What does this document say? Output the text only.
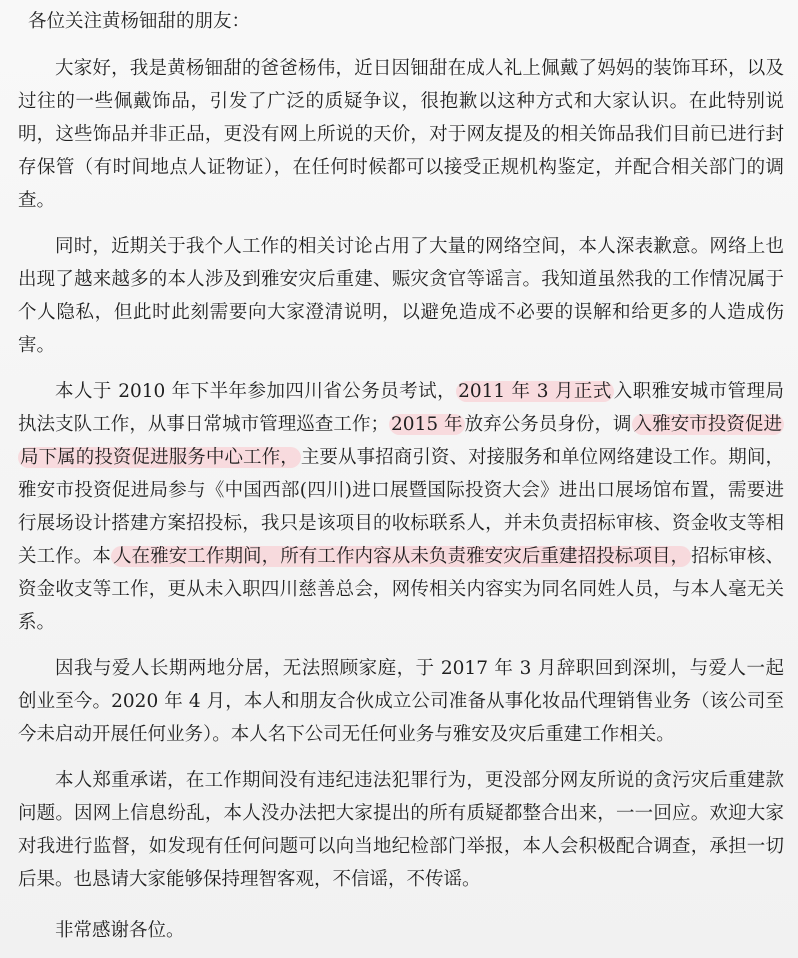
各位关注黄杨钿甜的朋友：
大家好，我是黄杨钿甜的爸爸杨伟，近日因钿甜在成人礼上佩戴了妈妈的装饰耳环，以及过往的一些佩戴饰品，引发了广泛的质疑争议，很抱歉以这种方式和大家认识。在此特别说明，这些饰品并非正品，更没有网上所说的天价，对于网友提及的相关饰品我们目前已进行封存保管（有时间地点人证物证），在任何时候都可以接受正规机构鉴定，并配合相关部门的调查。
同时，近期关于我个人工作的相关讨论占用了大量的网络空间，本人深表歉意。网络上也出现了越来越多的本人涉及到雅安灾后重建、赈灾贪官等谣言。我知道虽然我的工作情况属于个人隐私，但此时此刻需要向大家澄清说明，以避免造成不必要的误解和给更多的人造成伤害。
本人于 2010 年下半年参加四川省公务员考试， 2011 年 3 月正式 入职雅安城市管理局执法支队工作，从事日常城市管理巡查工作； 2015 年 放弃公务员身份，调 入雅安市投资促进局下属的投资促进服务中心工作， 主要从事招商引资、对接服务和单位网络建设工作。期间，雅安市投资促进局参与《中国西部(四川)进口展暨国际投资大会》进出口展场馆布置，需要进行展场设计搭建方案招投标，我只是该项目的收标联系人，并未负责招标审核、资金收支等相关工作。本 人在雅安工作期间，所有工作内容从未负责雅安灾后重建招投标项目， 招标审核、资金收支等工作，更从未入职四川慈善总会，网传相关内容实为同名同姓人员，与本人毫无关系。
因我与爱人长期两地分居，无法照顾家庭，于 2017 年 3 月辞职回到深圳，与爱人一起创业至今。2020 年 4 月，本人和朋友合伙成立公司准备从事化妆品代理销售业务（该公司至今未启动开展任何业务）。本人名下公司无任何业务与雅安及灾后重建工作相关。
本人郑重承诺，在工作期间没有违纪违法犯罪行为，更没部分网友所说的贪污灾后重建款问题。因网上信息纷乱，本人没办法把大家提出的所有质疑都整合出来，一一回应。欢迎大家对我进行监督，如发现有任何问题可以向当地纪检部门举报，本人会积极配合调查，承担一切后果。也恳请大家能够保持理智客观，不信谣，不传谣。
非常感谢各位。
